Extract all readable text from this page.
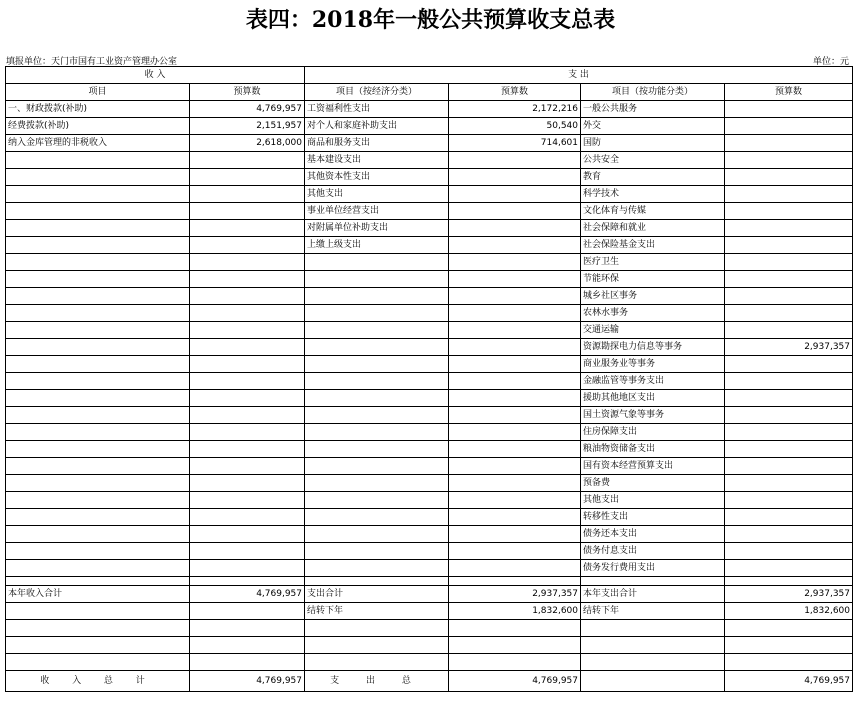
表四：2018年一般公共预算收支总表
填报单位：天门市国有工业资产管理办公室	单位：元
收 入		支 出			
项目	预算数	项目（按经济分类）	预算数	项目（按功能分类）	预算数
一、财政拨款(补助)	4,769,957	工资福利性支出	2,172,216	一般公共服务	
经费拨款(补助)	2,151,957	对个人和家庭补助支出	50,540	外交	
纳入金库管理的非税收入	2,618,000	商品和服务支出	714,601	国防	
		基本建设支出		公共安全	
		其他资本性支出		教育	
		其他支出		科学技术	
		事业单位经营支出		文化体育与传媒	
		对附属单位补助支出		社会保障和就业	
		上缴上级支出		社会保险基金支出	
				医疗卫生	
				节能环保	
				城乡社区事务	
				农林水事务	
				交通运输	
				资源勘探电力信息等事务	2,937,357
				商业服务业等事务	
				金融监管等事务支出	
				援助其他地区支出	
				国土资源气象等事务	
				住房保障支出	
				粮油物资储备支出	
				国有资本经营预算支出	
				预备费	
				其他支出	
				转移性支出	
				债务还本支出	
				债务付息支出	
				债务发行费用支出	

本年收入合计	4,769,957	支出合计	2,937,357	本年支出合计	2,937,357
		结转下年	1,832,600	结转下年	1,832,600

收 入 总 计	4,769,957	支 出 总	4,769,957		4,769,957
